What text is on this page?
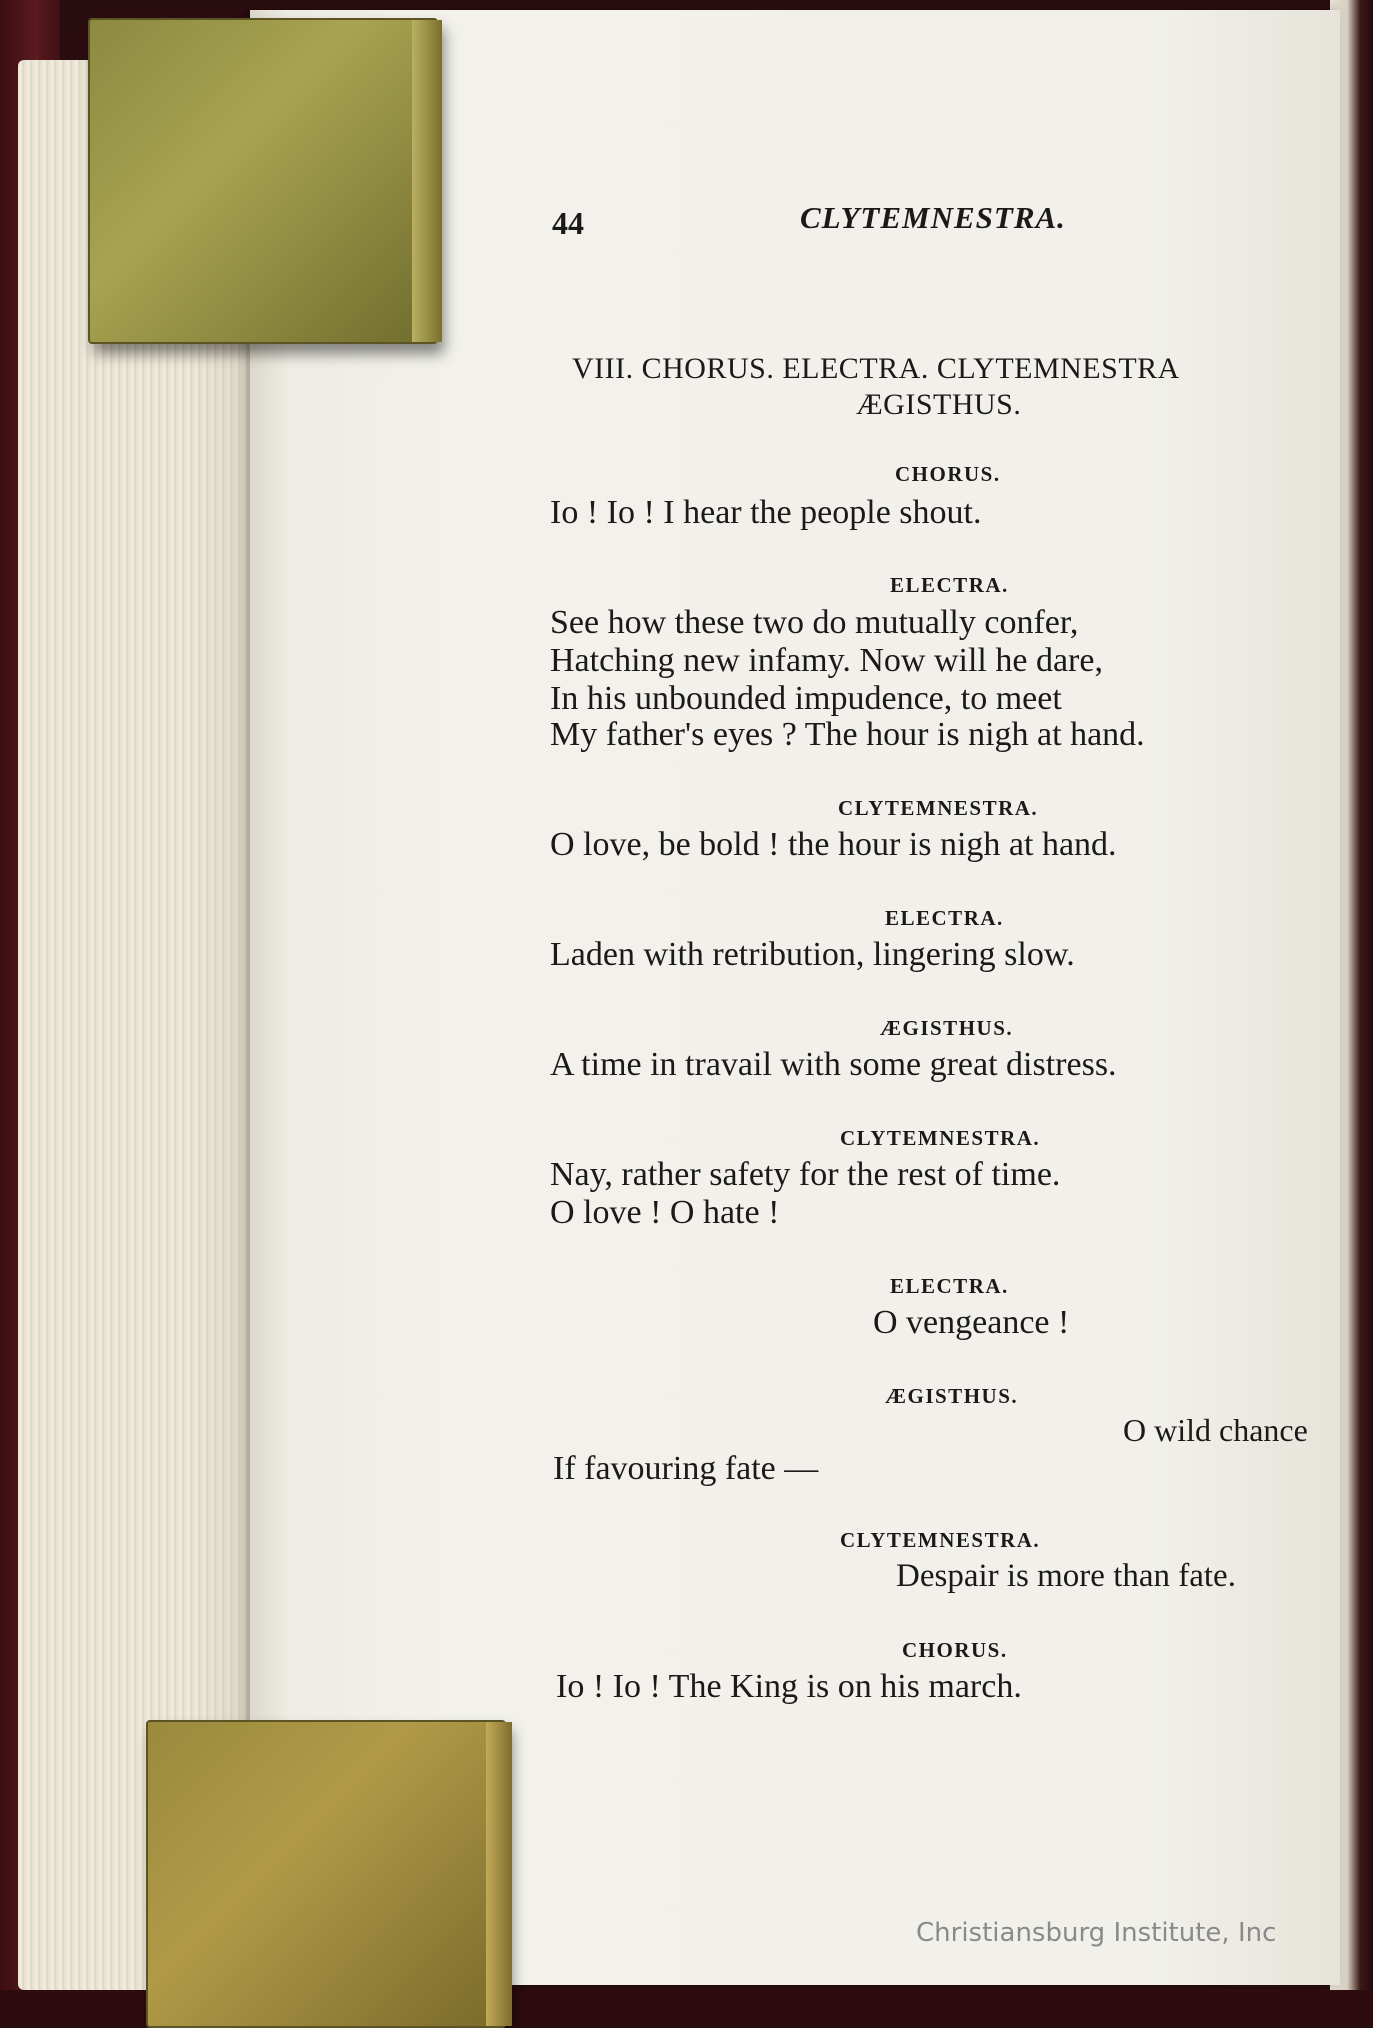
44	CLYTEMNESTRA.
VIII. CHORUS. ELECTRA. CLYTEMNESTRA
ÆGISTHUS.
CHORUS.
Io ! Io ! I hear the people shout.
ELECTRA.
See how these two do mutually confer,
Hatching new infamy. Now will he dare,
In his unbounded impudence, to meet
My father's eyes ? The hour is nigh at hand.
CLYTEMNESTRA.
O love, be bold ! the hour is nigh at hand.
ELECTRA.
Laden with retribution, lingering slow.
ÆGISTHUS.
A time in travail with some great distress.
CLYTEMNESTRA.
Nay, rather safety for the rest of time.
O love ! O hate !
ELECTRA.
O vengeance !
ÆGISTHUS.
O wild chance
If favouring fate —
CLYTEMNESTRA.
Despair is more than fate.
CHORUS.
Io ! Io ! The King is on his march.
Christiansburg Institute, Inc
